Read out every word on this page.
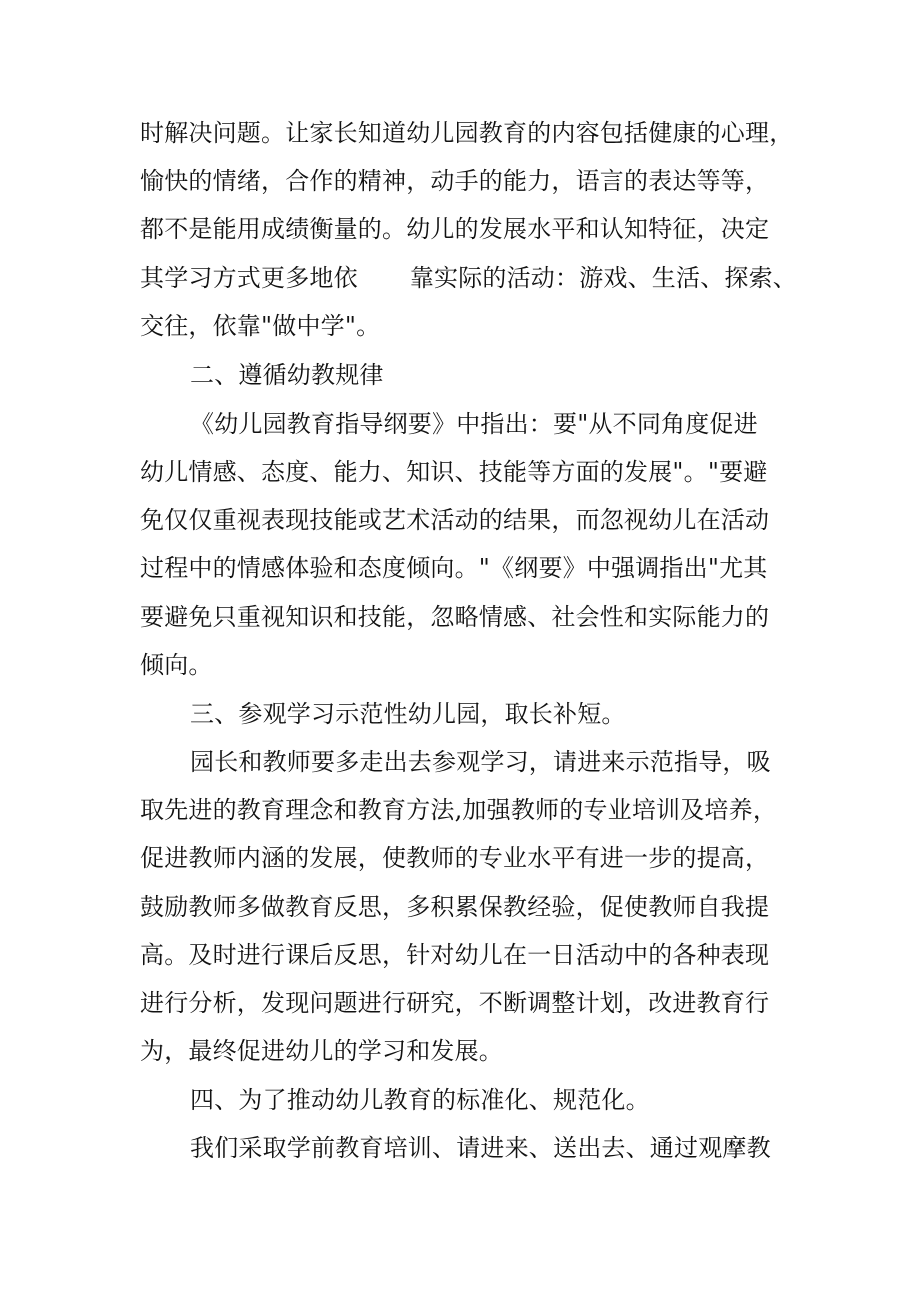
时解决问题。让家长知道幼儿园教育的内容包括健康的心理，
愉快的情绪，合作的精神，动手的能力，语言的表达等等，
都不是能用成绩衡量的。幼儿的发展水平和认知特征，决定
其学习方式更多地依 靠实际的活动：游戏、生活、探索、
交往，依靠"做中学"。
二、遵循幼教规律
《幼儿园教育指导纲要》中指出：要"从不同角度促进
幼儿情感、态度、能力、知识、技能等方面的发展"。"要避
免仅仅重视表现技能或艺术活动的结果，而忽视幼儿在活动
过程中的情感体验和态度倾向。"《纲要》中强调指出"尤其
要避免只重视知识和技能，忽略情感、社会性和实际能力的
倾向。
三、参观学习示范性幼儿园，取长补短。
园长和教师要多走出去参观学习，请进来示范指导，吸
取先进的教育理念和教育方法,加强教师的专业培训及培养，
促进教师内涵的发展，使教师的专业水平有进一步的提高，
鼓励教师多做教育反思，多积累保教经验，促使教师自我提
高。及时进行课后反思，针对幼儿在一日活动中的各种表现
进行分析，发现问题进行研究，不断调整计划，改进教育行
为，最终促进幼儿的学习和发展。
四、为了推动幼儿教育的标准化、规范化。
我们采取学前教育培训、请进来、送出去、通过观摩教
